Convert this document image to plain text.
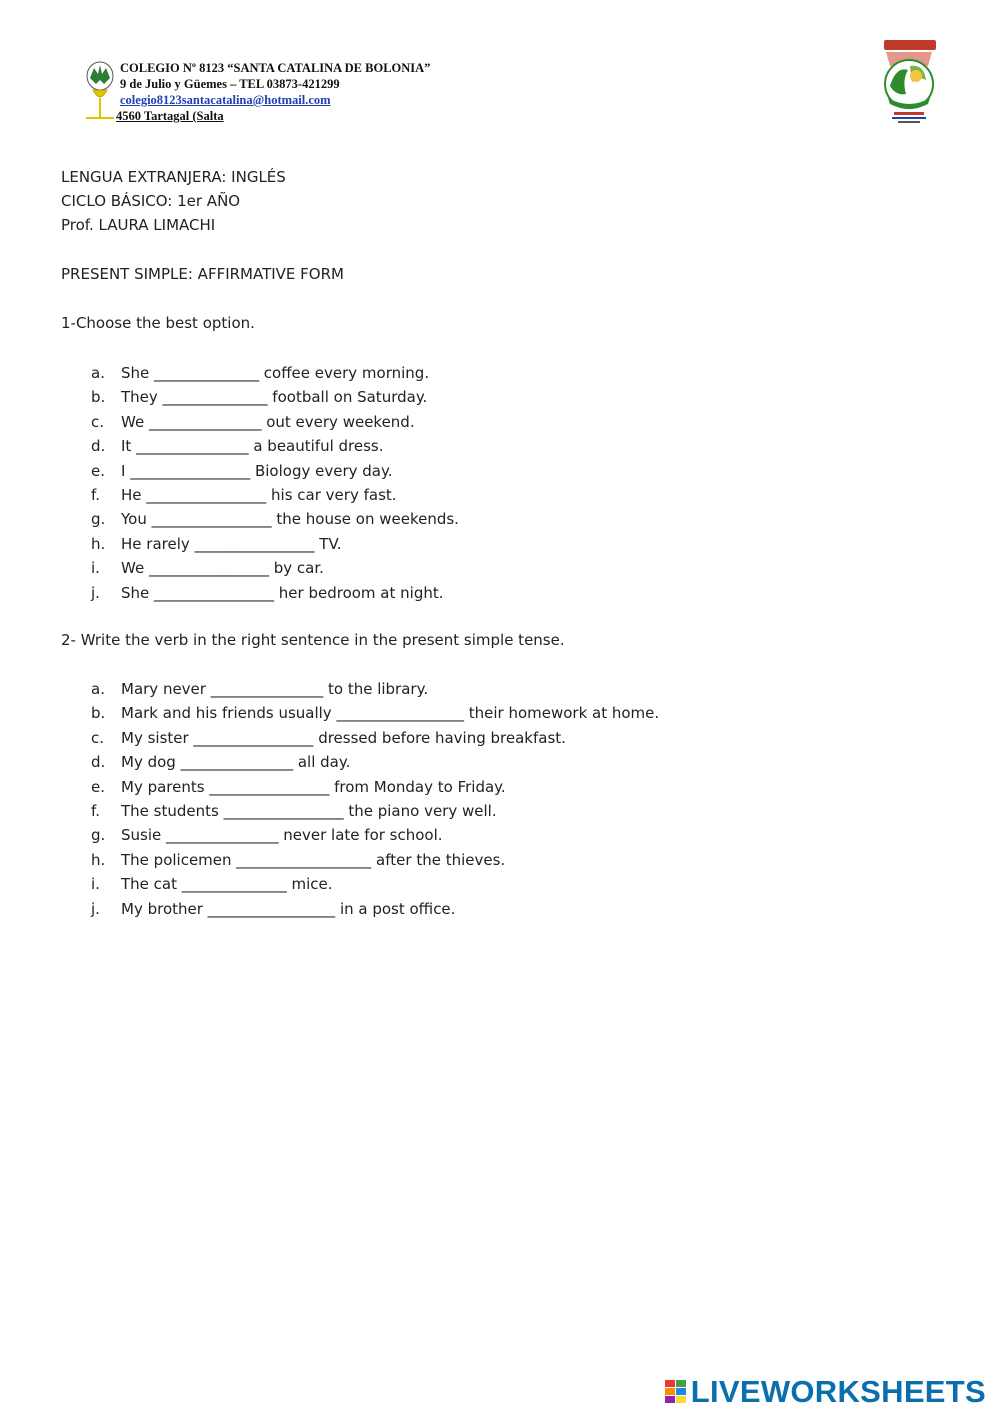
COLEGIO Nº 8123 “SANTA CATALINA DE BOLONIA”
9 de Julio y Güemes – TEL 03873-421299
colegio8123santacatalina@hotmail.com
4560 Tartagal (Salta
LENGUA EXTRANJERA: INGLÉS
CICLO BÁSICO: 1er AÑO
Prof. LAURA LIMACHI
PRESENT SIMPLE: AFFIRMATIVE FORM
1-Choose the best option.
a. She ______________ coffee every morning.
b. They ______________ football on Saturday.
c. We _______________ out every weekend.
d. It _______________ a beautiful dress.
e. I ________________ Biology every day.
f. He ________________ his car very fast.
g. You ________________ the house on weekends.
h. He rarely ________________ TV.
i. We ________________ by car.
j. She ________________ her bedroom at night.
2- Write the verb in the right sentence in the present simple tense.
a. Mary never _______________ to the library.
b. Mark and his friends usually _________________ their homework at home.
c. My sister ________________ dressed before having breakfast.
d. My dog _______________ all day.
e. My parents ________________ from Monday to Friday.
f. The students ________________ the piano very well.
g. Susie _______________ never late for school.
h. The policemen __________________ after the thieves.
i. The cat ______________ mice.
j. My brother _________________ in a post office.
LIVEWORKSHEETS
